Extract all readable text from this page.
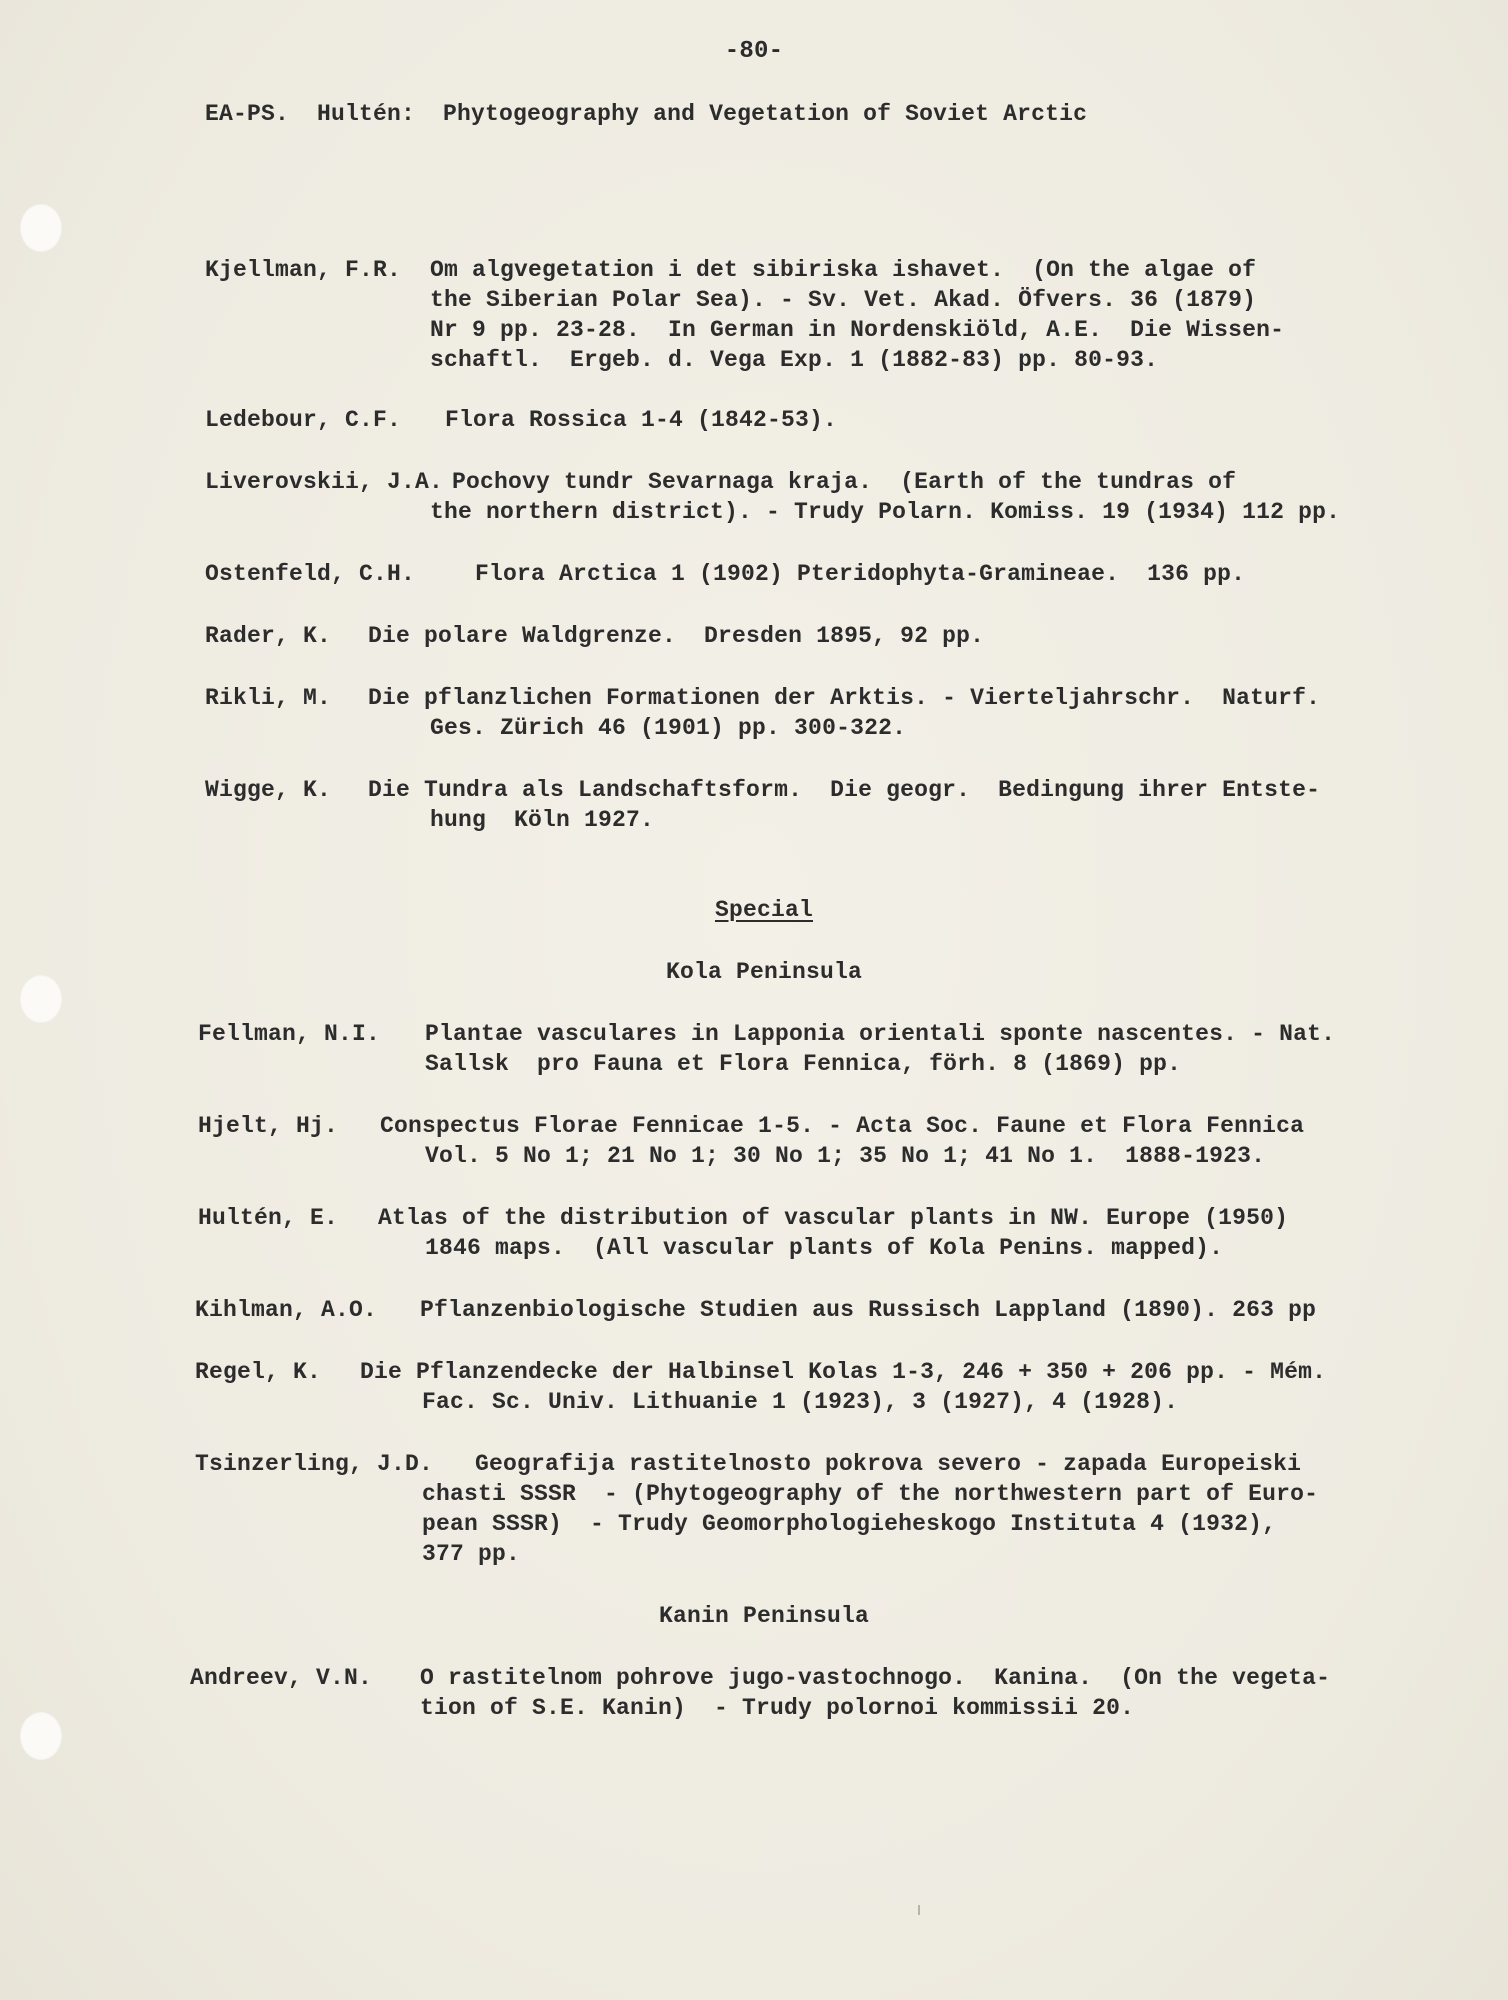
-80-
EA-PS.  Hultén:  Phytogeography and Vegetation of Soviet Arctic
Kjellman, F.R. Om algvegetation i det sibiriska ishavet.  (On the algae of
the Siberian Polar Sea). - Sv. Vet. Akad. Öfvers. 36 (1879)
Nr 9 pp. 23-28.  In German in Nordenskiöld, A.E.  Die Wissen-
schaftl.  Ergeb. d. Vega Exp. 1 (1882-83) pp. 80-93.
Ledebour, C.F. Flora Rossica 1-4 (1842-53).
Liverovskii, J.A. Pochovy tundr Sevarnaga kraja.  (Earth of the tundras of
the northern district). - Trudy Polarn. Komiss. 19 (1934) 112 pp.
Ostenfeld, C.H.	Flora Arctica 1 (1902) Pteridophyta-Gramineae.  136 pp.
Rader, K. Die polare Waldgrenze.  Dresden 1895, 92 pp.
Rikli, M. Die pflanzlichen Formationen der Arktis. - Vierteljahrschr.  Naturf.
Ges. Zürich 46 (1901) pp. 300-322.
Wigge, K. Die Tundra als Landschaftsform.  Die geogr.  Bedingung ihrer Entste-
hung  Köln 1927.
Special
Kola Peninsula
Fellman, N.I. Plantae vasculares in Lapponia orientali sponte nascentes. - Nat.
Sallsk  pro Fauna et Flora Fennica, förh. 8 (1869) pp.
Hjelt, Hj. Conspectus Florae Fennicae 1-5. - Acta Soc. Faune et Flora Fennica
Vol. 5 No 1; 21 No 1; 30 No 1; 35 No 1; 41 No 1.  1888-1923.
Hultén, E. Atlas of the distribution of vascular plants in NW. Europe (1950)
1846 maps.  (All vascular plants of Kola Penins. mapped).
Kihlman, A.O. Pflanzenbiologische Studien aus Russisch Lappland (1890). 263 pp
Regel, K. Die Pflanzendecke der Halbinsel Kolas 1-3, 246 + 350 + 206 pp. - Mém.
Fac. Sc. Univ. Lithuanie 1 (1923), 3 (1927), 4 (1928).
Tsinzerling, J.D. Geografija rastitelnosto pokrova severo - zapada Europeiski
chasti SSSR  - (Phytogeography of the northwestern part of Euro-
pean SSSR)  - Trudy Geomorphologieheskogo Instituta 4 (1932),
377 pp.
Kanin Peninsula
Andreev, V.N. O rastitelnom pohrove jugo-vastochnogo.  Kanina.  (On the vegeta-
tion of S.E. Kanin)  - Trudy polornoi kommissii 20.
